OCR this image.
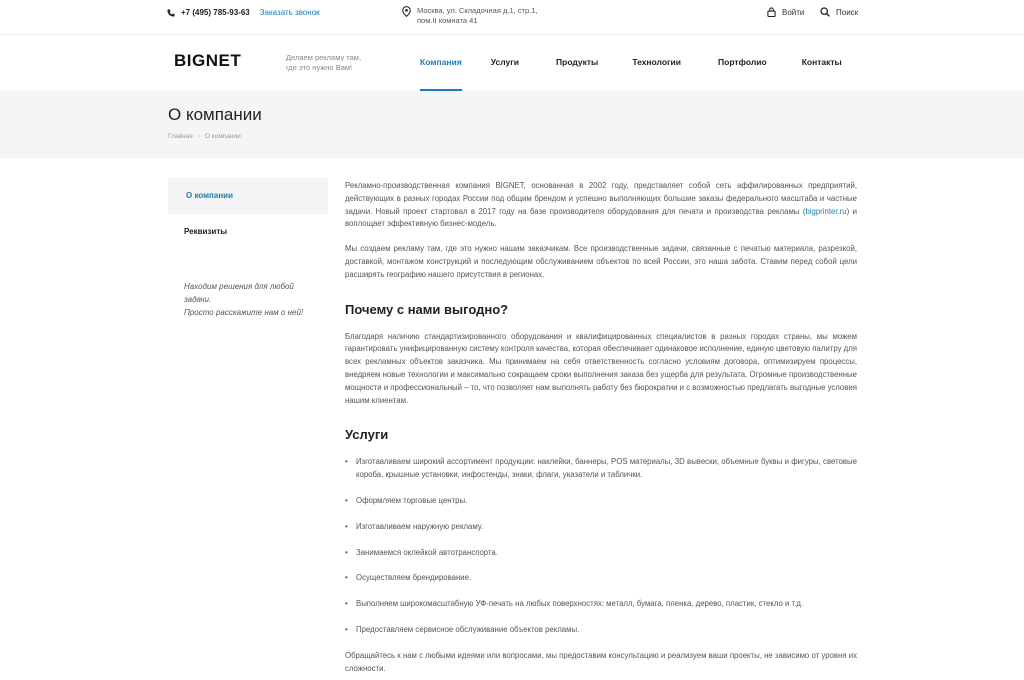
+7 (495) 785-93-63 Заказать звонок	Москва, ул. Складочная д.1, стр.1,
пом.II комната 41
Войти	Поиск
BIGNET	Делаем рекламу там,
где это нужно Вам!
Компания	Услуги	Продукты	Технологии	Портфолио	Контакты
О компании
Главная › О компании
О компании
Реквизиты
Находим решения для любой
задачи.
Просто расскажите нам о ней!

Рекламно-производственная компания BIGNET, основанная в 2002 году, представляет собой сеть аффилированных предприятий, действующих в разных городах России под общим брендом и успешно выполняющих большие заказы федерального масштаба и частные задачи. Новый проект стартовал в 2017 году на базе производителя оборудования для печати и производства рекламы (bigprinter.ru) и воплощает эффективную бизнес-модель.

Мы создаем рекламу там, где это нужно нашим заказчикам. Все производственные задачи, связанные с печатью материала, разрезкой, доставкой, монтажом конструкций и последующим обслуживанием объектов по всей России, это наша забота. Ставим перед собой цели расширять географию нашего присутствия в регионах.

Почему с нами выгодно?

Благодаря наличию стандартизированного оборудования и квалифицированных специалистов в разных городах страны, мы можем гарантировать унифицированную систему контроля качества, которая обеспечивает одинаковое исполнение, единую цветовую палитру для всех рекламных объектов заказчика. Мы принимаем на себя ответственность согласно условиям договора, оптимизируем процессы, внедряем новые технологии и максимально сокращаем сроки выполнения заказа без ущерба для результата. Огромные производственные мощности и профессиональный – то, что позволяет нам выполнять работу без бюрократии и с возможностью предлагать выгодные условия нашим клиентам.

Услуги
• Изготавливаем широкий ассортимент продукции: наклейки, баннеры, POS материалы, 3D вывески, объемные буквы и фигуры, световые короба, крышные установки, инфостенды, знаки, флаги, указатели и таблички.
• Оформляем торговые центры.
• Изготавливаем наружную рекламу.
• Занимаемся оклейкой автотранспорта.
• Осуществляем брендирование.
• Выполняем широкомасштабную УФ-печать на любых поверхностях: металл, бумага, пленка, дерево, пластик, стекло и т.д.
• Предоставляем сервисное обслуживание объектов рекламы.

Обращайтесь к нам с любыми идеями или вопросами, мы предоставим консультацию и реализуем ваши проекты, не зависимо от уровня их сложности.
